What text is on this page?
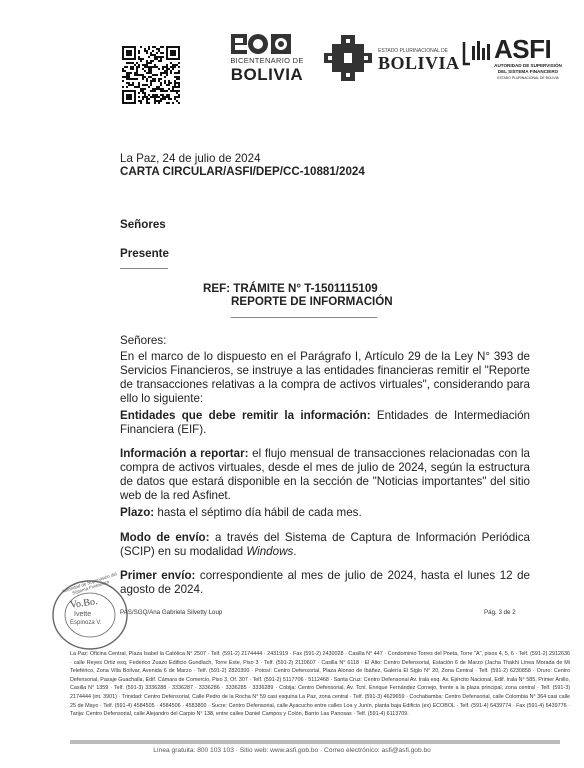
BICENTENARIO DE
BOLIVIA
ESTADO PLURINACIONAL DE
BOLIVIA ASFI
AUTORIDAD DE SUPERVISIÓN
DEL SISTEMA FINANCIERO
ESTADO PLURINACIONAL DE BOLIVIA
La Paz, 24 de julio de 2024
CARTA CIRCULAR/ASFI/DEP/CC-10881/2024
Señores
Presente
REF: TRÁMITE N° T-1501115109
REPORTE DE INFORMACIÓN
Señores:
En el marco de lo dispuesto en el Parágrafo I, Artículo 29 de la Ley N° 393 de Servicios Financieros, se instruye a las entidades financieras remitir el "Reporte de transacciones relativas a la compra de activos virtuales", considerando para ello lo siguiente:
Entidades que debe remitir la información: Entidades de Intermediación Financiera (EIF).
Información a reportar: el flujo mensual de transacciones relacionadas con la compra de activos virtuales, desde el mes de julio de 2024, según la estructura de datos que estará disponible en la sección de "Noticias importantes" del sitio web de la red Asfinet.
Plazo: hasta el séptimo día hábil de cada mes.
Modo de envío: a través del Sistema de Captura de Información Periódica (SCIP) en su modalidad Windows.
Primer envío: correspondiente al mes de julio de 2024, hasta el lunes 12 de agosto de 2024.
Autoridad de Supervisión del Sistema Financiero
Vo.Bo.
Ivette
Espinoza V.
PAS/SGQ/Ana Gabriela Silvetty Loup	Pág. 3 de 2
La Paz: Oficina Central, Plaza Isabel la Católica N° 2507 · Telf. (591-2) 2174444 · 2431919 · Fax (591-2) 2430028 · Casilla N° 447 · Condominio Torres del Poeta, Torre "A", pisos 4, 5, 6 · Telf. (591-2) 2912636 · calle Reyes Ortiz esq. Federico Zuazo Edificio Gundlach, Torre Este, Piso 3 · Telf. (591-2) 2110607 · Casilla N° 6118 · El Alto: Centro Defensorial, Estación 6 de Marzo (Jacha Thakhi Línea Morada de Mi Teleférico, Zona Villa Bolívar, Avenida 6 de Marzo · Telf. (591-2) 2820300 · Potosí: Centro Defensorial, Plaza Alonso de Ibáñez, Galería El Siglo N° 20, Zona Central · Telf. (591-2) 6230858 · Oruro: Centro Defensorial, Pasaje Guachalla, Edif. Cámara de Comercio, Piso 3, Of. 307 · Telf. (591-2) 5117706 · 5112468 · Santa Cruz: Centro Defensorial Av. Irala esq. Av. Ejército Nacional, Edif. Irala N° 585, Primer Anillo, Casilla N° 1359 · Telf. (591-3) 3336288 · 3336287 · 3336286 · 3336285 · 3336289 · Cobija: Centro Defensorial, Av. Tcnl. Enrique Fernández Cornejo, frente a la plaza principal, zona central · Telf. (591-3) 2174444 (int. 3901) · Trinidad: Centro Defensorial, Calle Pedro de la Rocha N° 59 casi esquina La Paz, zona central · Telf. (591-3) 4629659 · Cochabamba: Centro Defensorial, calle Colombia N° 364 casi calle 25 de Mayo · Telf. (591-4) 4584505 · 4584506 · 4583800 · Sucre: Centro Defensorial, calle Ayacucho entre calles Loa y Junín, planta baja Edificio (ex) ECOBOL · Telf. (591-4) 6439774 · Fax (591-4) 6439776 · Tarija: Centro Defensorial, calle Alejandro del Carpio N° 138, entre calles Daniel Campos y Colón, Barrio Las Panosas · Telf. (591-4) 6113709.
Línea gratuita: 800 103 103 · Sitio web: www.asfi.gob.bo · Correo electrónico: asfi@asfi.gob.bo
